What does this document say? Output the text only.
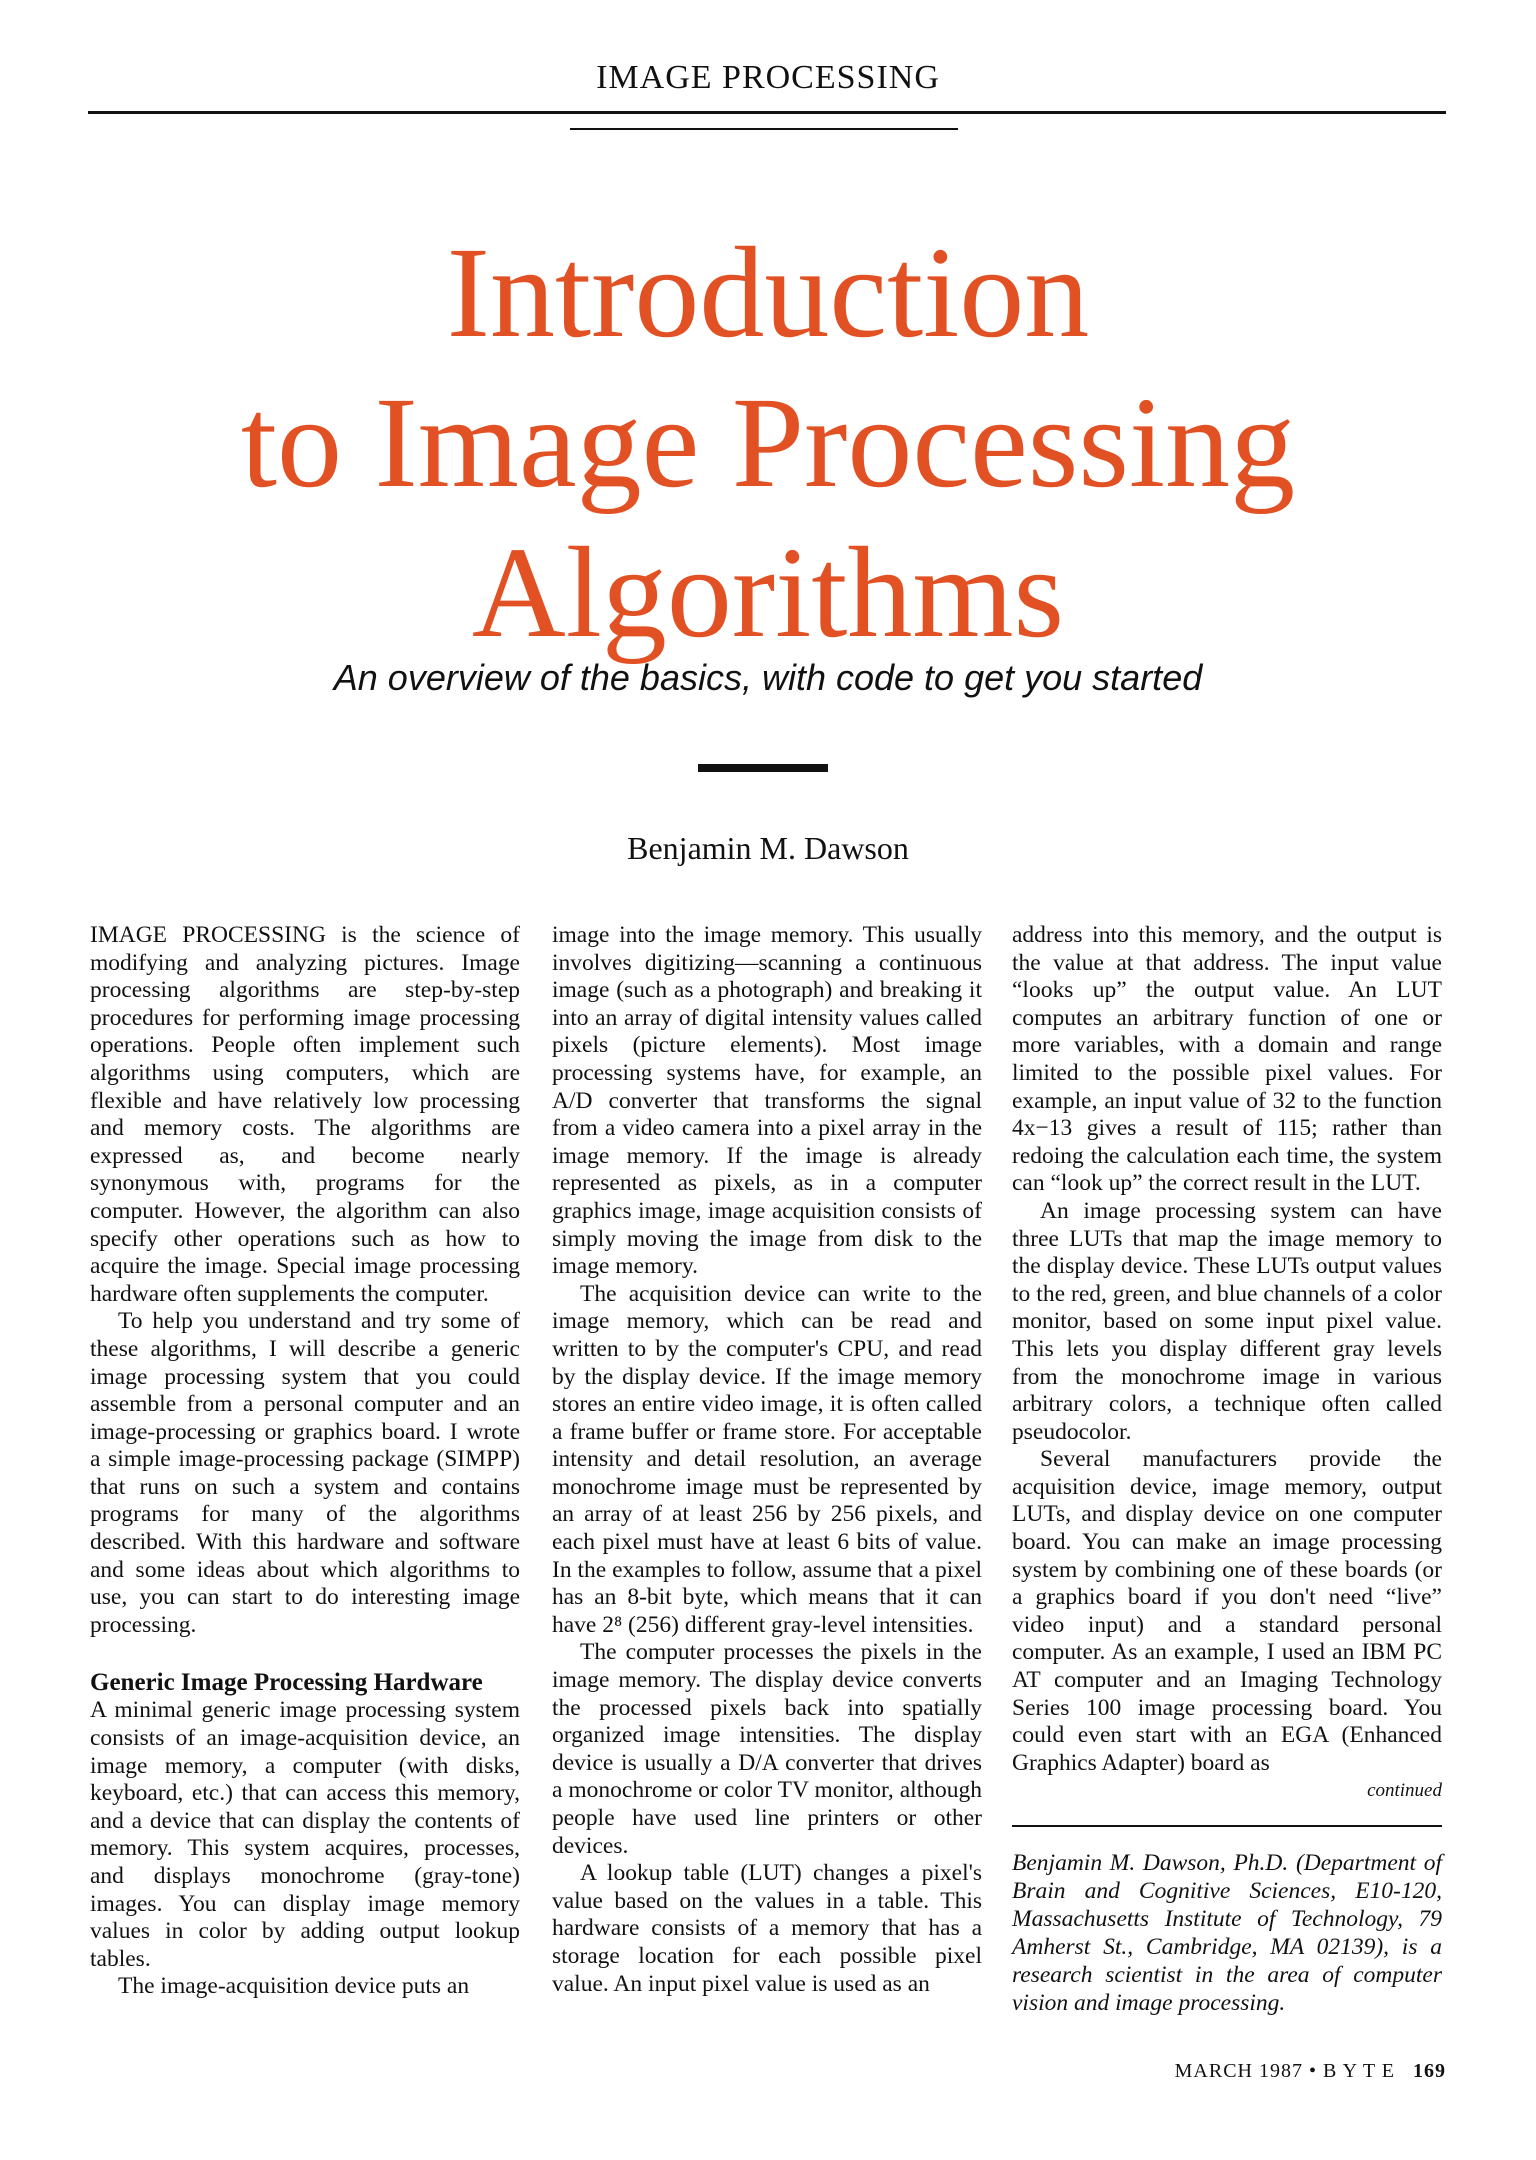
IMAGE PROCESSING
Introduction
to Image Processing
Algorithms
An overview of the basics, with code to get you started
Benjamin M. Dawson

IMAGE PROCESSING is the science of modifying and analyzing pictures. Image processing algorithms are step-by-step procedures for performing image processing operations. People often implement such algorithms using computers, which are flexible and have relatively low processing and memory costs. The algorithms are expressed as, and become nearly synonymous with, programs for the computer. However, the algorithm can also specify other operations such as how to acquire the image. Special image processing hardware often supplements the computer.

To help you understand and try some of these algorithms, I will describe a generic image processing system that you could assemble from a personal computer and an image-processing or graphics board. I wrote a simple image-processing package (SIMPP) that runs on such a system and contains programs for many of the algorithms described. With this hardware and software and some ideas about which algorithms to use, you can start to do interesting image processing.

Generic Image Processing Hardware

A minimal generic image processing system consists of an image-acquisition device, an image memory, a computer (with disks, keyboard, etc.) that can access this memory, and a device that can display the contents of memory. This system acquires, processes, and displays monochrome (gray-tone) images. You can display image memory values in color by adding output lookup tables.

The image-acquisition device puts an

image into the image memory. This usually involves digitizing—scanning a continuous image (such as a photograph) and breaking it into an array of digital intensity values called pixels (picture elements). Most image processing systems have, for example, an A/D converter that transforms the signal from a video camera into a pixel array in the image memory. If the image is already represented as pixels, as in a computer graphics image, image acquisition consists of simply moving the image from disk to the image memory.

The acquisition device can write to the image memory, which can be read and written to by the computer's CPU, and read by the display device. If the image memory stores an entire video image, it is often called a frame buffer or frame store. For acceptable intensity and detail resolution, an average monochrome image must be represented by an array of at least 256 by 256 pixels, and each pixel must have at least 6 bits of value. In the examples to follow, assume that a pixel has an 8-bit byte, which means that it can have 2⁸ (256) different gray-level intensities.

The computer processes the pixels in the image memory. The display device converts the processed pixels back into spatially organized image intensities. The display device is usually a D/A converter that drives a monochrome or color TV monitor, although people have used line printers or other devices.

A lookup table (LUT) changes a pixel's value based on the values in a table. This hardware consists of a memory that has a storage location for each possible pixel value. An input pixel value is used as an

address into this memory, and the output is the value at that address. The input value “looks up” the output value. An LUT computes an arbitrary function of one or more variables, with a domain and range limited to the possible pixel values. For example, an input value of 32 to the function 4x−13 gives a result of 115; rather than redoing the calculation each time, the system can “look up” the correct result in the LUT.

An image processing system can have three LUTs that map the image memory to the display device. These LUTs output values to the red, green, and blue channels of a color monitor, based on some input pixel value. This lets you display different gray levels from the monochrome image in various arbitrary colors, a technique often called pseudocolor.

Several manufacturers provide the acquisition device, image memory, output LUTs, and display device on one computer board. You can make an image processing system by combining one of these boards (or a graphics board if you don't need “live” video input) and a standard personal computer. As an example, I used an IBM PC AT computer and an Imaging Technology Series 100 image processing board. You could even start with an EGA (Enhanced Graphics Adapter) board as

continued

Benjamin M. Dawson, Ph.D. (Department of Brain and Cognitive Sciences, E10-120, Massachusetts Institute of Technology, 79 Amherst St., Cambridge, MA 02139), is a research scientist in the area of computer vision and image processing.

MARCH 1987 • B Y T E 169
